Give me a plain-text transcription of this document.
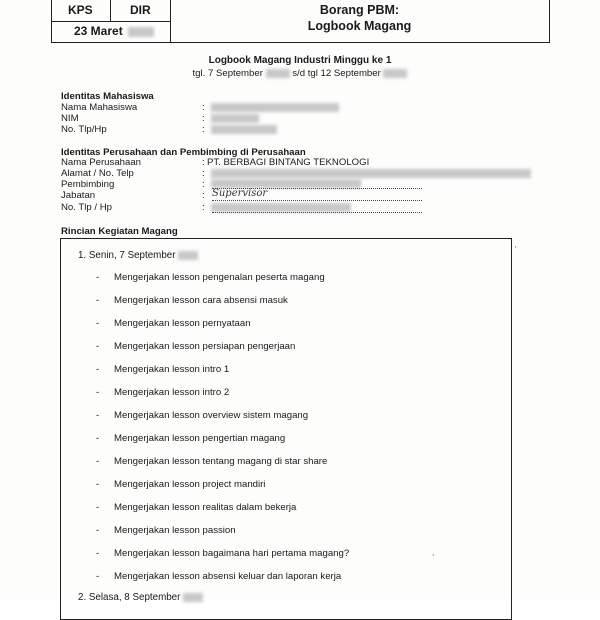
KPS	DIR
23 Maret
Borang PBM:
Logbook Magang
Logbook Magang Industri Minggu ke 1
tgl. 7 September	s/d tgl 12 September
Identitas Mahasiswa
Nama Mahasiswa	:
NIM	:
No. Tlp/Hp	:
Identitas Perusahaan dan Pembimbing di Perusahaan
Nama Perusahaan	: PT. BERBAGI BINTANG TEKNOLOGI
Alamat / No. Telp	:
Pembimbing	:
Jabatan	: Supervisor
No. Tlp / Hp	:
Rincian Kegiatan Magang
'
,
1. Senin, 7 September
- Mengerjakan lesson pengenalan peserta magang
- Mengerjakan lesson cara absensi masuk
- Mengerjakan lesson pernyataan
- Mengerjakan lesson persiapan pengerjaan
- Mengerjakan lesson intro 1
- Mengerjakan lesson intro 2
- Mengerjakan lesson overview sistem magang
- Mengerjakan lesson pengertian magang
- Mengerjakan lesson tentang magang di star share
- Mengerjakan lesson project mandiri
- Mengerjakan lesson realitas dalam bekerja
- Mengerjakan lesson passion
- Mengerjakan lesson bagaimana hari pertama magang?
- Mengerjakan lesson absensi keluar dan laporan kerja
2. Selasa, 8 September
